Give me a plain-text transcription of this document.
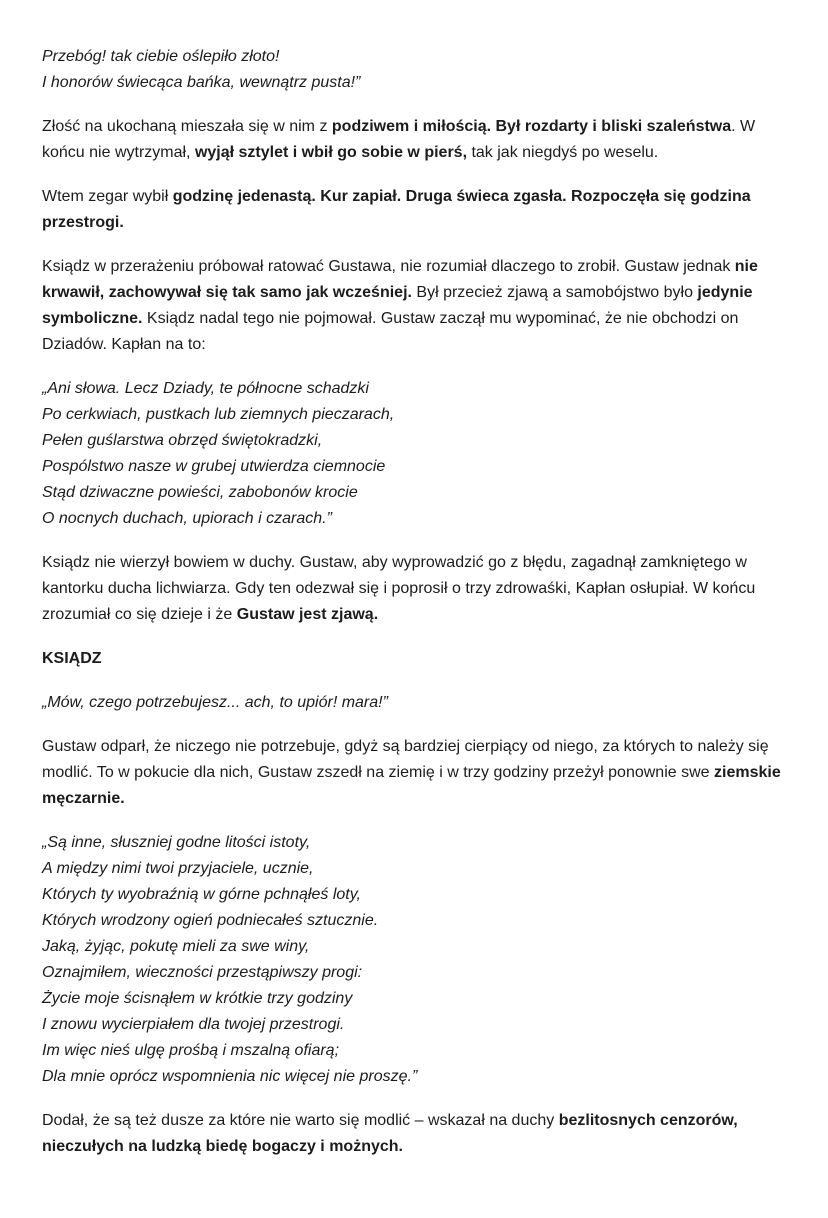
Przebóg! tak ciebie oślepiło złoto!
I honorów świecąca bańka, wewnątrz pusta!”

Złość na ukochaną mieszała się w nim z podziwem i miłością. Był rozdarty i bliski szaleństwa. W końcu nie wytrzymał, wyjął sztylet i wbił go sobie w pierś, tak jak niegdyś po weselu.

Wtem zegar wybił godzinę jedenastą. Kur zapiał. Druga świeca zgasła. Rozpoczęła się godzina przestrogi.

Ksiądz w przerażeniu próbował ratować Gustawa, nie rozumiał dlaczego to zrobił. Gustaw jednak nie krwawił, zachowywał się tak samo jak wcześniej. Był przecież zjawą a samobójstwo było jedynie symboliczne. Ksiądz nadal tego nie pojmował. Gustaw zaczął mu wypominać, że nie obchodzi on Dziadów. Kapłan na to:

„Ani słowa. Lecz Dziady, te północne schadzki
Po cerkwiach, pustkach lub ziemnych pieczarach,
Pełen guślarstwa obrzęd świętokradzki,
Pospólstwo nasze w grubej utwierdza ciemnocie
Stąd dziwaczne powieści, zabobonów krocie
O nocnych duchach, upiorach i czarach.”

Ksiądz nie wierzył bowiem w duchy. Gustaw, aby wyprowadzić go z błędu, zagadnął zamkniętego w kantorku ducha lichwiarza. Gdy ten odezwał się i poprosił o trzy zdrowaśki, Kapłan osłupiał. W końcu zrozumiał co się dzieje i że Gustaw jest zjawą.

KSIĄDZ

„Mów, czego potrzebujesz... ach, to upiór! mara!”

Gustaw odparł, że niczego nie potrzebuje, gdyż są bardziej cierpiący od niego, za których to należy się modlić. To w pokucie dla nich, Gustaw zszedł na ziemię i w trzy godziny przeżył ponownie swe ziemskie męczarnie.

„Są inne, słuszniej godne litości istoty,
A między nimi twoi przyjaciele, ucznie,
Których ty wyobraźnią w górne pchnąłeś loty,
Których wrodzony ogień podniecałeś sztucznie.
Jaką, żyjąc, pokutę mieli za swe winy,
Oznajmiłem, wieczności przestąpiwszy progi:
Życie moje ścisnąłem w krótkie trzy godziny
I znowu wycierpiałem dla twojej przestrogi.
Im więc nieś ulgę prośbą i mszalną ofiarą;
Dla mnie oprócz wspomnienia nic więcej nie proszę.”

Dodał, że są też dusze za które nie warto się modlić – wskazał na duchy bezlitosnych cenzorów, nieczułych na ludzką biedę bogaczy i możnych.
